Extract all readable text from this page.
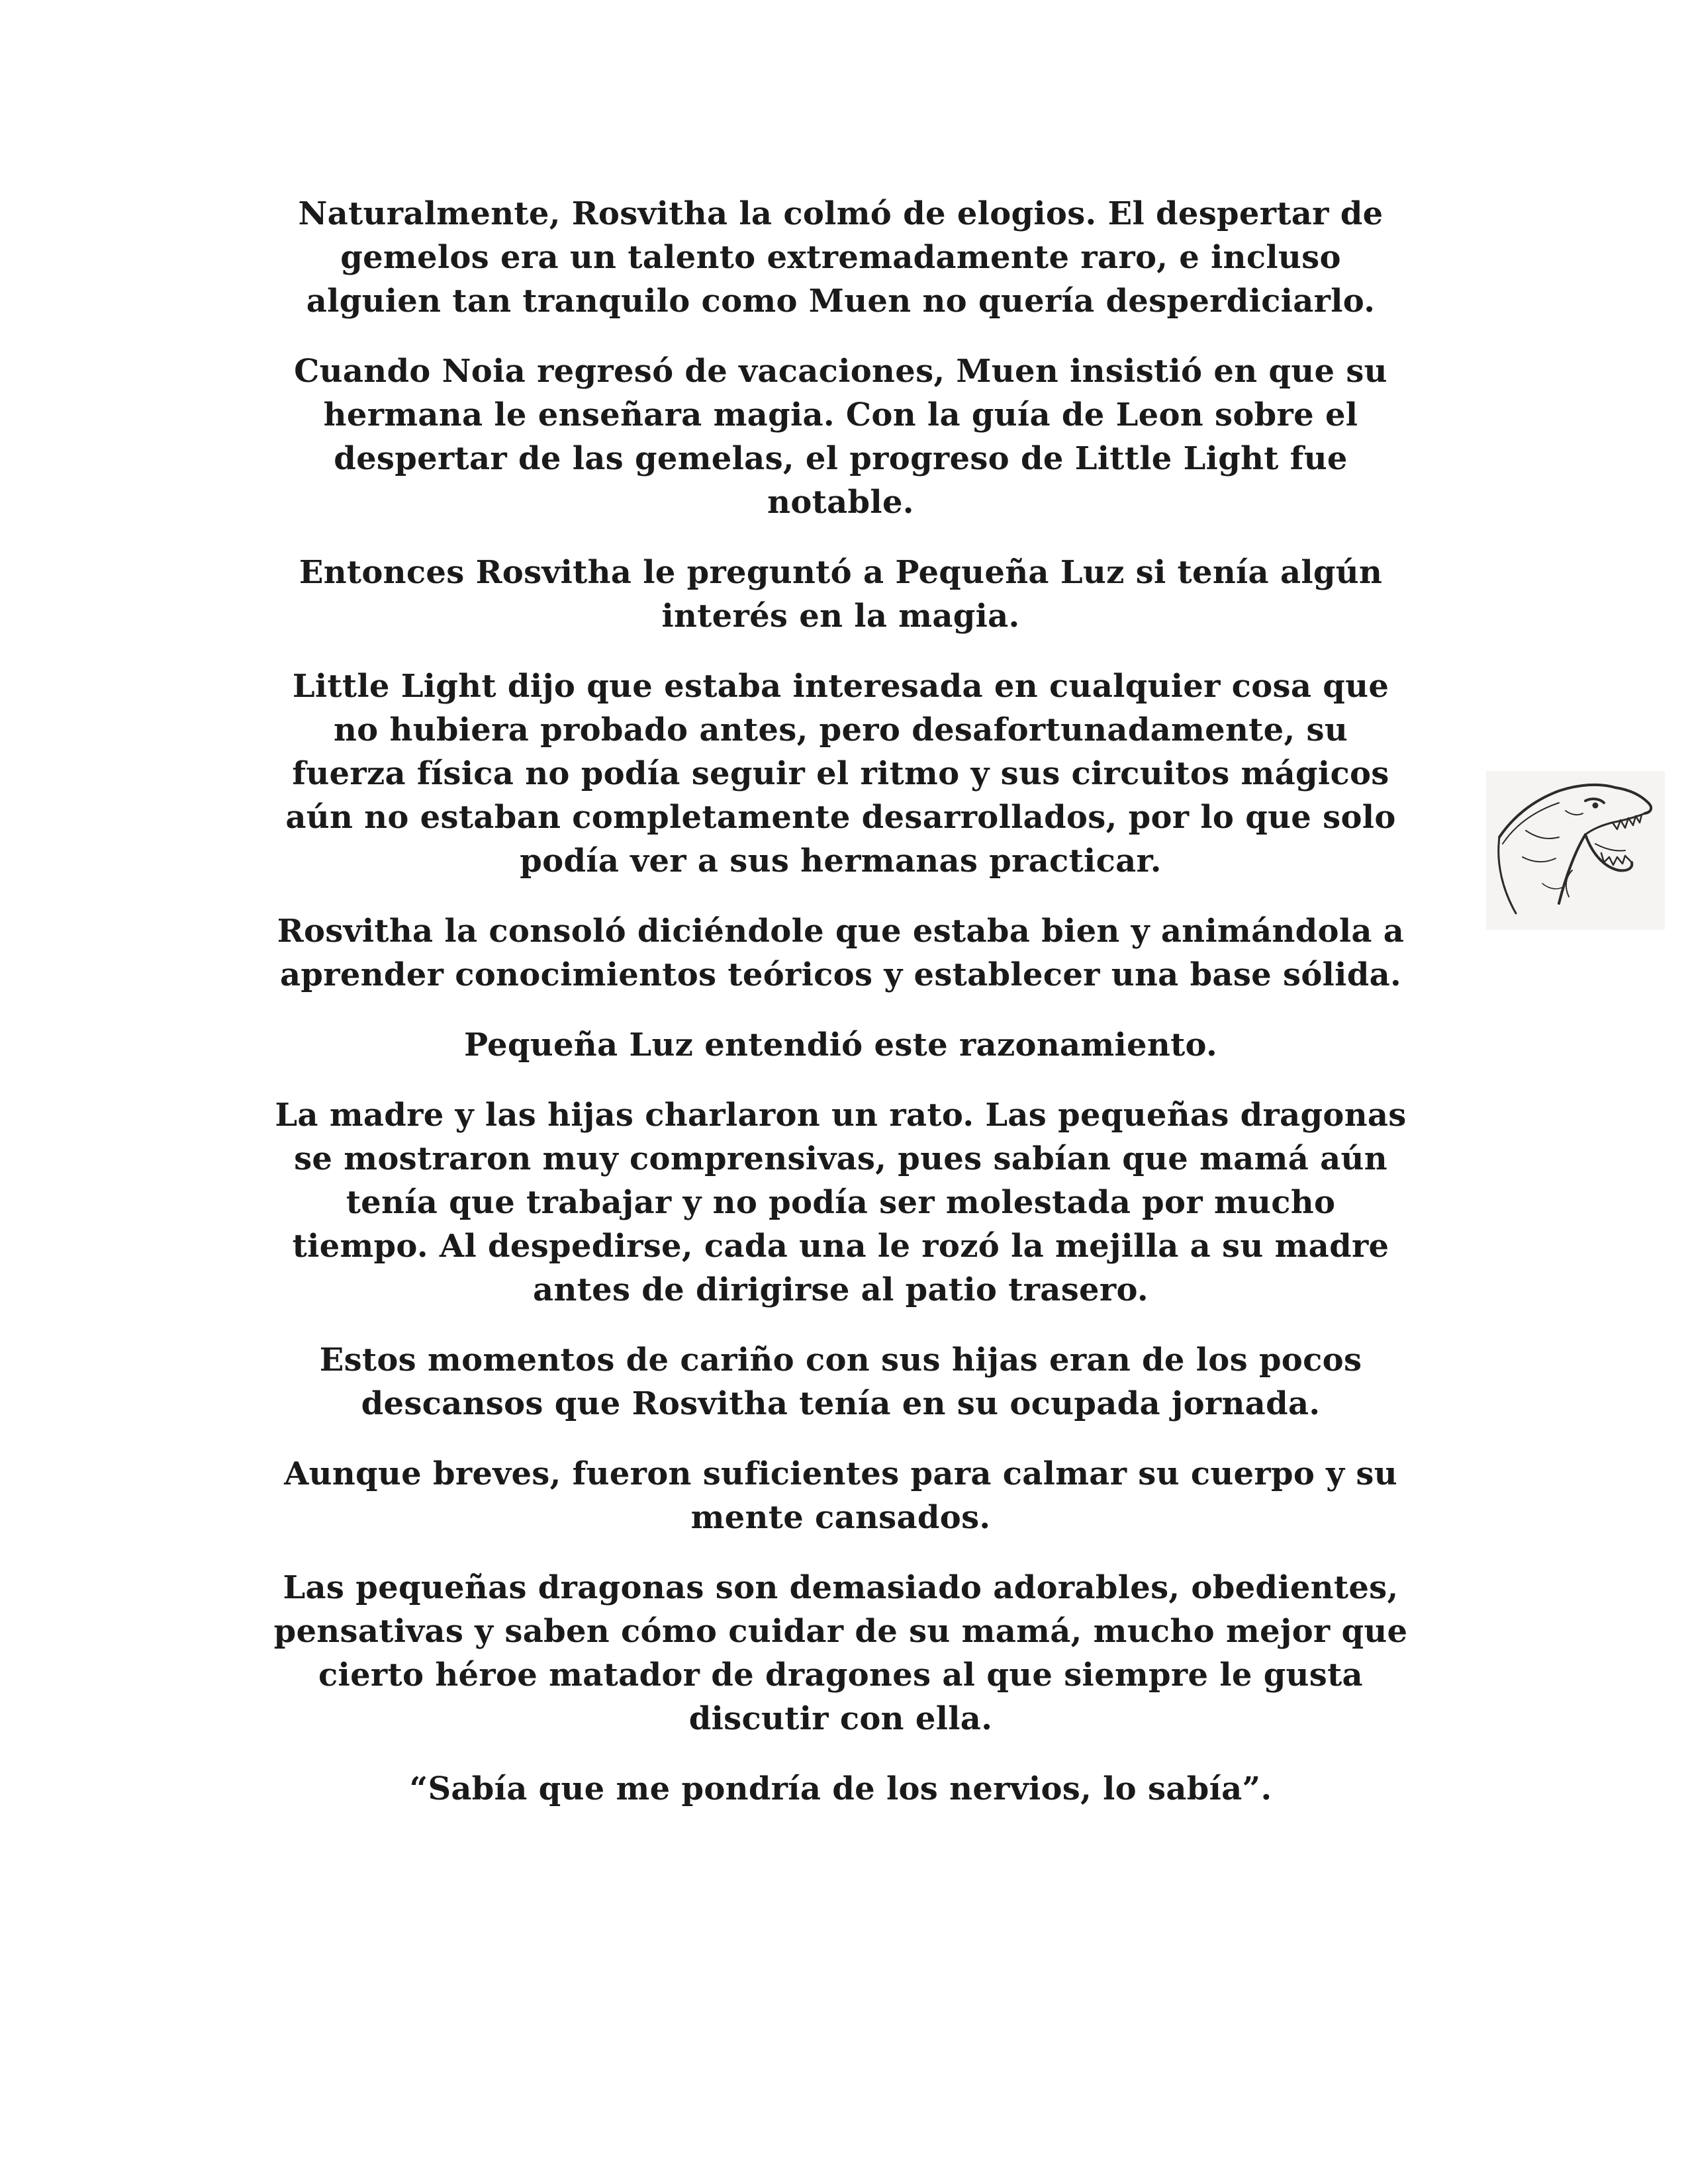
Naturalmente, Rosvitha la colmó de elogios. El despertar de
gemelos era un talento extremadamente raro, e incluso
alguien tan tranquilo como Muen no quería desperdiciarlo.

Cuando Noia regresó de vacaciones, Muen insistió en que su
hermana le enseñara magia. Con la guía de Leon sobre el
despertar de las gemelas, el progreso de Little Light fue
notable.

Entonces Rosvitha le preguntó a Pequeña Luz si tenía algún
interés en la magia.

Little Light dijo que estaba interesada en cualquier cosa que
no hubiera probado antes, pero desafortunadamente, su
fuerza física no podía seguir el ritmo y sus circuitos mágicos
aún no estaban completamente desarrollados, por lo que solo
podía ver a sus hermanas practicar.

Rosvitha la consoló diciéndole que estaba bien y animándola a
aprender conocimientos teóricos y establecer una base sólida.

Pequeña Luz entendió este razonamiento.

La madre y las hijas charlaron un rato. Las pequeñas dragonas
se mostraron muy comprensivas, pues sabían que mamá aún
tenía que trabajar y no podía ser molestada por mucho
tiempo. Al despedirse, cada una le rozó la mejilla a su madre
antes de dirigirse al patio trasero.

Estos momentos de cariño con sus hijas eran de los pocos
descansos que Rosvitha tenía en su ocupada jornada.

Aunque breves, fueron suficientes para calmar su cuerpo y su
mente cansados.

Las pequeñas dragonas son demasiado adorables, obedientes,
pensativas y saben cómo cuidar de su mamá, mucho mejor que
cierto héroe matador de dragones al que siempre le gusta
discutir con ella.

“Sabía que me pondría de los nervios, lo sabía”.
